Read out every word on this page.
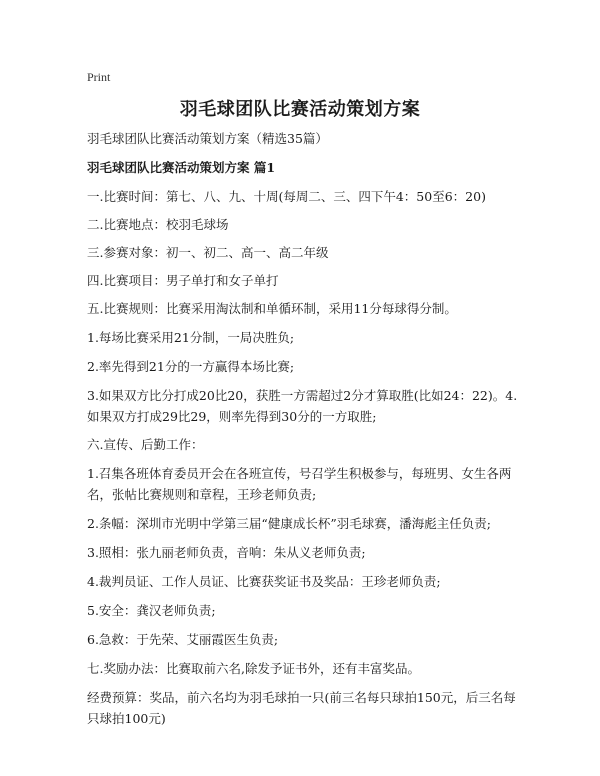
Print
羽毛球团队比赛活动策划方案

羽毛球团队比赛活动策划方案（精选35篇）

羽毛球团队比赛活动策划方案 篇1

一.比赛时间：第七、八、九、十周(每周二、三、四下午4：50至6：20)

二.比赛地点：校羽毛球场

三.参赛对象：初一、初二、高一、高二年级

四.比赛项目：男子单打和女子单打

五.比赛规则：比赛采用淘汰制和单循环制，采用11分每球得分制。

1.每场比赛采用21分制，一局决胜负;

2.率先得到21分的一方赢得本场比赛;

3.如果双方比分打成20比20，获胜一方需超过2分才算取胜(比如24：22)。4.如果双方打成29比29，则率先得到30分的一方取胜;

六.宣传、后勤工作：

1.召集各班体育委员开会在各班宣传，号召学生积极参与，每班男、女生各两名，张帖比赛规则和章程，王珍老师负责;

2.条幅：深圳市光明中学第三届“健康成长杯”羽毛球赛，潘海彪主任负责;

3.照相：张九丽老师负责，音响：朱从义老师负责;

4.裁判员证、工作人员证、比赛获奖证书及奖品：王珍老师负责;

5.安全：龚汉老师负责;

6.急救：于先荣、艾丽霞医生负责;

七.奖励办法：比赛取前六名,除发予证书外，还有丰富奖品。

经费预算：奖品，前六名均为羽毛球拍一只(前三名每只球拍150元，后三名每只球拍100元)
